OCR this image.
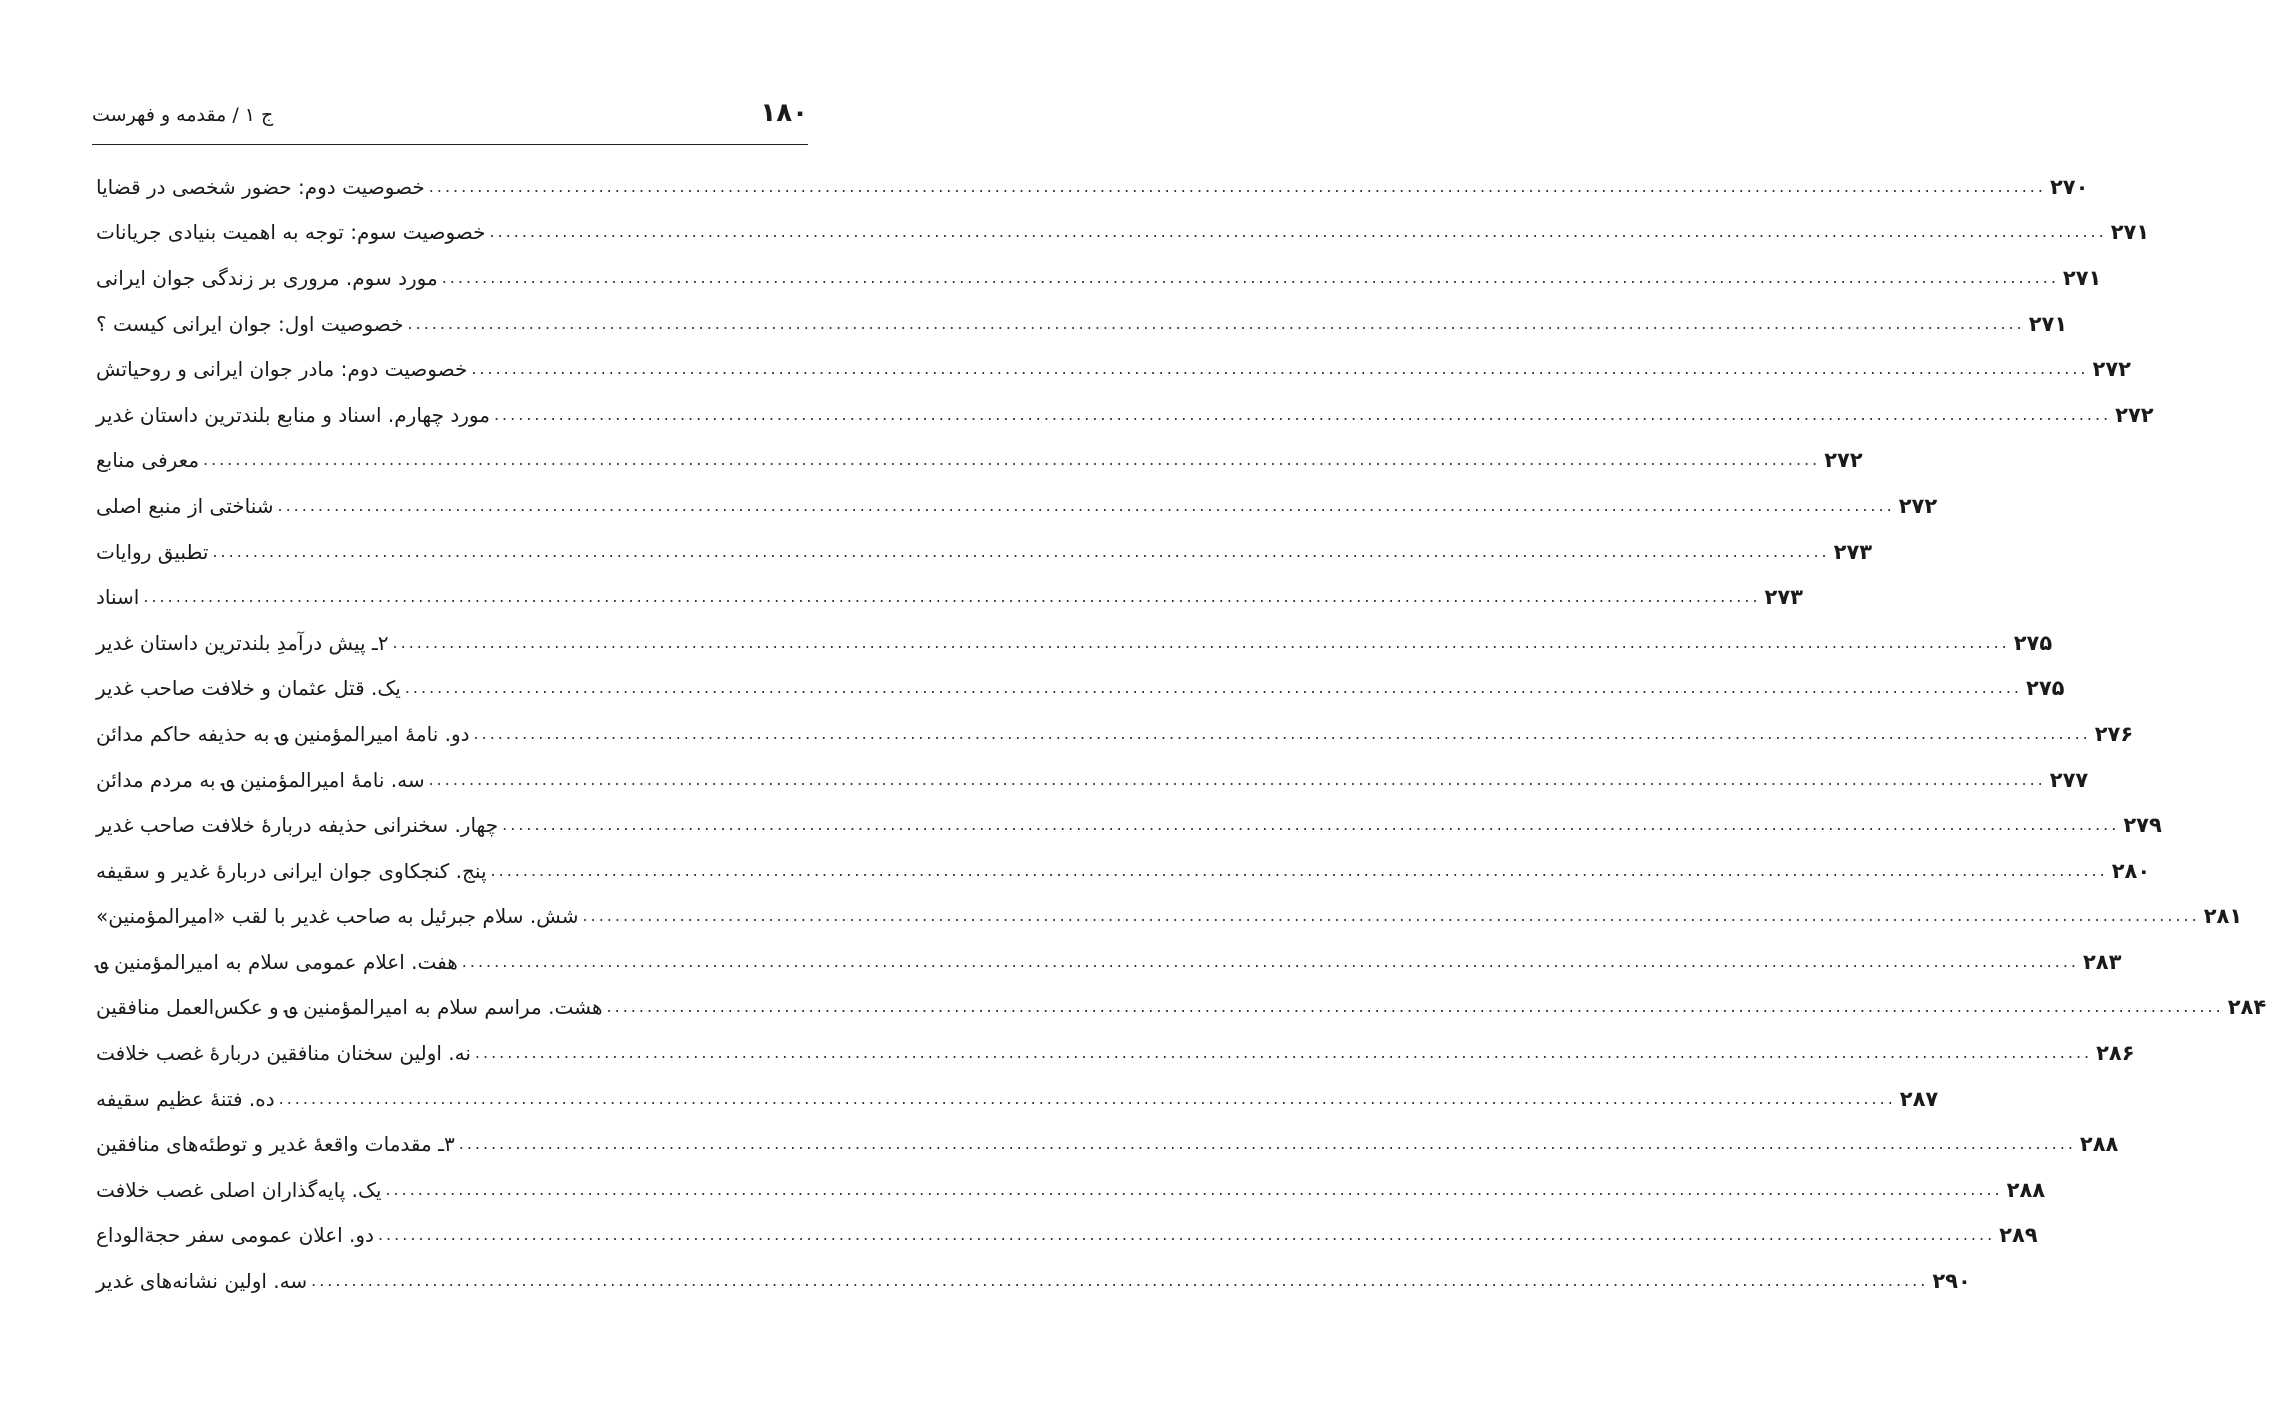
۱۸۰
ج ۱ / مقدمه و فهرست
خصوصیت دوم: حضور شخصی در قضایا ........................................................................................................................................................................................................ ۲۷۰
خصوصیت سوم: توجه به اهمیت بنیادی جریانات ........................................................................................................................................................................................................ ۲۷۱
مورد سوم. مروری بر زندگی جوان ایرانی ........................................................................................................................................................................................................ ۲۷۱
خصوصیت اول: جوان ایرانی کیست ؟ ........................................................................................................................................................................................................ ۲۷۱
خصوصیت دوم: مادر جوان ایرانی و روحیاتش ........................................................................................................................................................................................................ ۲۷۲
مورد چهارم. اسناد و منابع بلندترین داستان غدیر ........................................................................................................................................................................................................ ۲۷۲
معرفی منابع ........................................................................................................................................................................................................ ۲۷۲
شناختی از منبع اصلی ........................................................................................................................................................................................................ ۲۷۲
تطبیق روایات ........................................................................................................................................................................................................ ۲۷۳
اسناد ........................................................................................................................................................................................................ ۲۷۳
۲ـ پیش درآمدِ بلندترین داستان غدیر ........................................................................................................................................................................................................ ۲۷۵
یک. قتل عثمان و خلافت صاحب غدیر ........................................................................................................................................................................................................ ۲۷۵
دو. نامهٔ امیرالمؤمنین ؈ به حذیفه حاکم مدائن ........................................................................................................................................................................................................ ۲۷۶
سه. نامهٔ امیرالمؤمنین ؈ به مردم مدائن ........................................................................................................................................................................................................ ۲۷۷
چهار. سخنرانی حذیفه دربارهٔ خلافت صاحب غدیر ........................................................................................................................................................................................................ ۲۷۹
پنج. کنجکاوی جوان ایرانی دربارهٔ غدیر و سقیفه ........................................................................................................................................................................................................ ۲۸۰
شش. سلام جبرئیل به صاحب غدیر با لقب «امیرالمؤمنین» ........................................................................................................................................................................................................ ۲۸۱
هفت. اعلام عمومی سلام به امیرالمؤمنین ؈ ........................................................................................................................................................................................................ ۲۸۳
هشت. مراسم سلام به امیرالمؤمنین ؈ و عکس‌العمل منافقین ........................................................................................................................................................................................................ ۲۸۴
نه. اولین سخنان منافقین دربارهٔ غصب خلافت ........................................................................................................................................................................................................ ۲۸۶
ده. فتنهٔ عظیم سقیفه ........................................................................................................................................................................................................ ۲۸۷
۳ـ مقدمات واقعهٔ غدیر و توطئه‌های منافقین ........................................................................................................................................................................................................ ۲۸۸
یک. پایه‌گذاران اصلی غصب خلافت ........................................................................................................................................................................................................ ۲۸۸
دو. اعلان عمومی سفر حجة‌الوداع ........................................................................................................................................................................................................ ۲۸۹
سه. اولین نشانه‌های غدیر ........................................................................................................................................................................................................ ۲۹۰
